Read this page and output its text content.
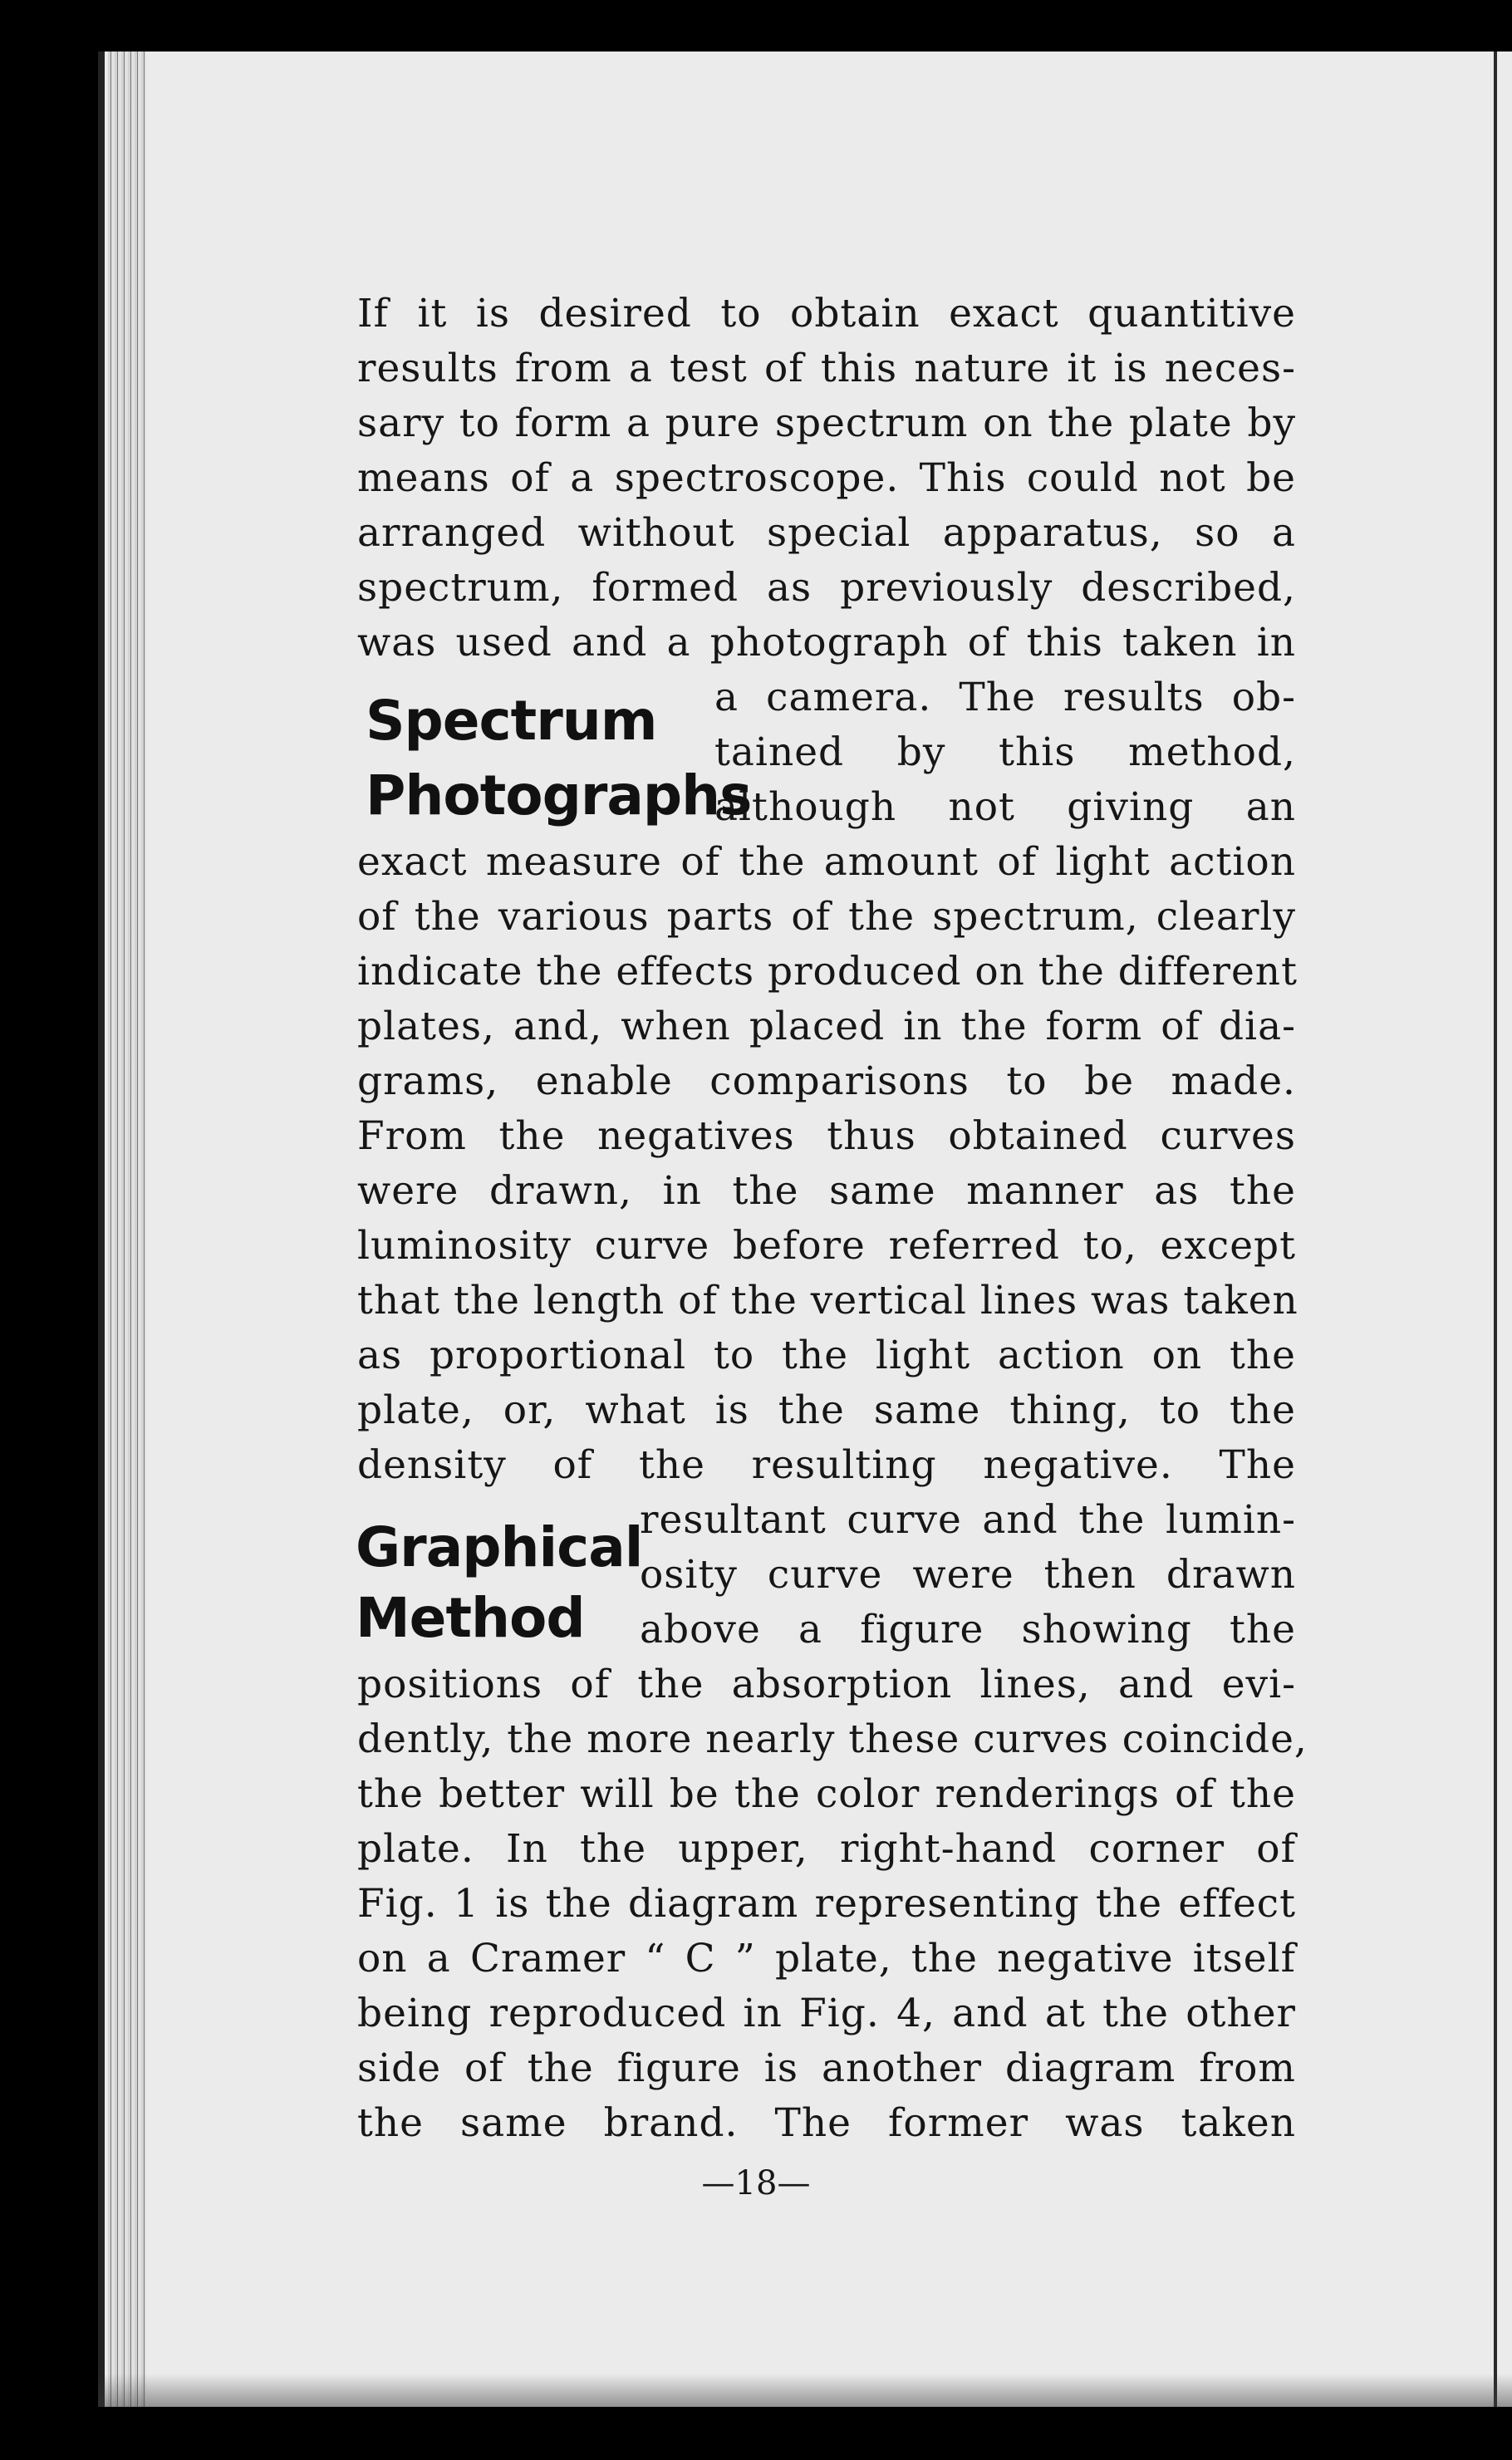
If it is desired to obtain exact quantitive
results from a test of this nature it is neces-
sary to form a pure spectrum on the plate by
means of a spectroscope. This could not be
arranged without special apparatus, so a
spectrum, formed as previously described,
was used and a photograph of this taken in
a camera. The results ob-
tained by this method,
although not giving an
exact measure of the amount of light action
of the various parts of the spectrum, clearly
indicate the effects produced on the different
plates, and, when placed in the form of dia-
grams, enable comparisons to be made.
From the negatives thus obtained curves
were drawn, in the same manner as the
luminosity curve before referred to, except
that the length of the vertical lines was taken
as proportional to the light action on the
plate, or, what is the same thing, to the
density of the resulting negative. The
resultant curve and the lumin-
osity curve were then drawn
above a figure showing the
positions of the absorption lines, and evi-
dently, the more nearly these curves coincide,
the better will be the color renderings of the
plate. In the upper, right-hand corner of
Fig. 1 is the diagram representing the effect
on a Cramer “ C ” plate, the negative itself
being reproduced in Fig. 4, and at the other
side of the figure is another diagram from
the same brand. The former was taken
Spectrum
Photographs
Graphical
Method
—18—
